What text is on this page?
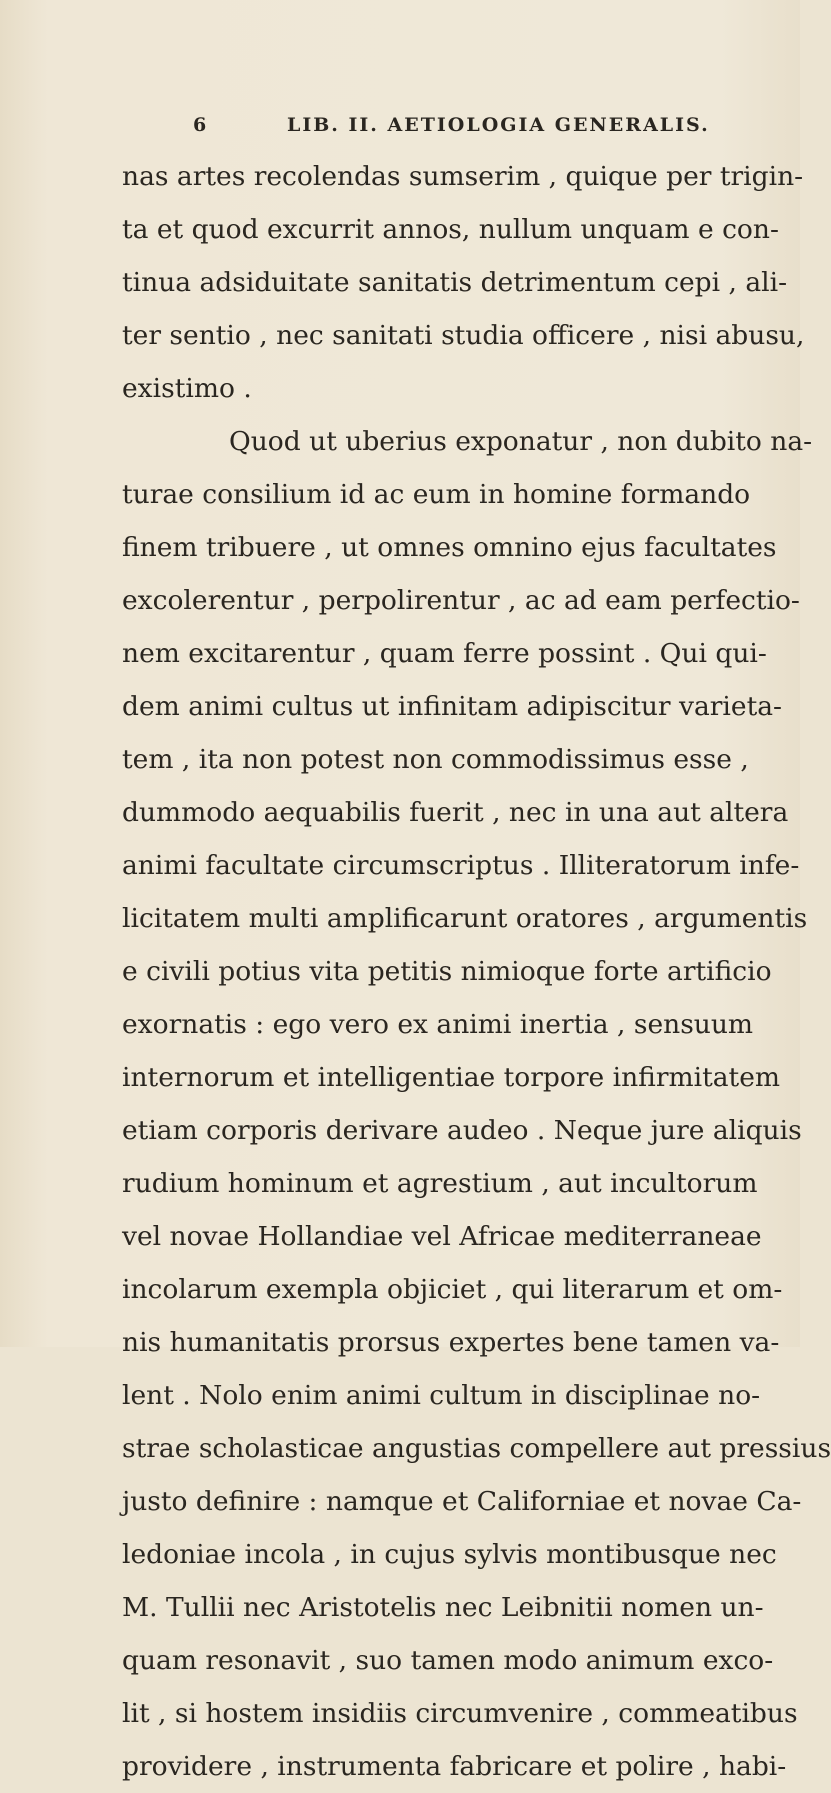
6	LIB. II. AETIOLOGIA GENERALIS.
nas artes recolendas sumserim , quique per trigin-
ta et quod excurrit annos, nullum unquam e con-
tinua adsiduitate sanitatis detrimentum cepi , ali-
ter sentio , nec sanitati studia officere , nisi abusu,
existimo .
Quod ut uberius exponatur , non dubito na-
turae consilium id ac eum in homine formando
finem tribuere , ut omnes omnino ejus facultates
excolerentur , perpolirentur , ac ad eam perfectio-
nem excitarentur , quam ferre possint . Qui qui-
dem animi cultus ut infinitam adipiscitur varieta-
tem , ita non potest non commodissimus esse ,
dummodo aequabilis fuerit , nec in una aut altera
animi facultate circumscriptus . Illiteratorum infe-
licitatem multi amplificarunt oratores , argumentis
e civili potius vita petitis nimioque forte artificio
exornatis : ego vero ex animi inertia , sensuum
internorum et intelligentiae torpore infirmitatem
etiam corporis derivare audeo . Neque jure aliquis
rudium hominum et agrestium , aut incultorum
vel novae Hollandiae vel Africae mediterraneae
incolarum exempla objiciet , qui literarum et om-
nis humanitatis prorsus expertes bene tamen va-
lent . Nolo enim animi cultum in disciplinae no-
strae scholasticae angustias compellere aut pressius
justo definire : namque et Californiae et novae Ca-
ledoniae incola , in cujus sylvis montibusque nec
M. Tullii nec Aristotelis nec Leibnitii nomen un-
quam resonavit , suo tamen modo animum exco-
lit , si hostem insidiis circumvenire , commeatibus
providere , instrumenta fabricare et polire , habi-
